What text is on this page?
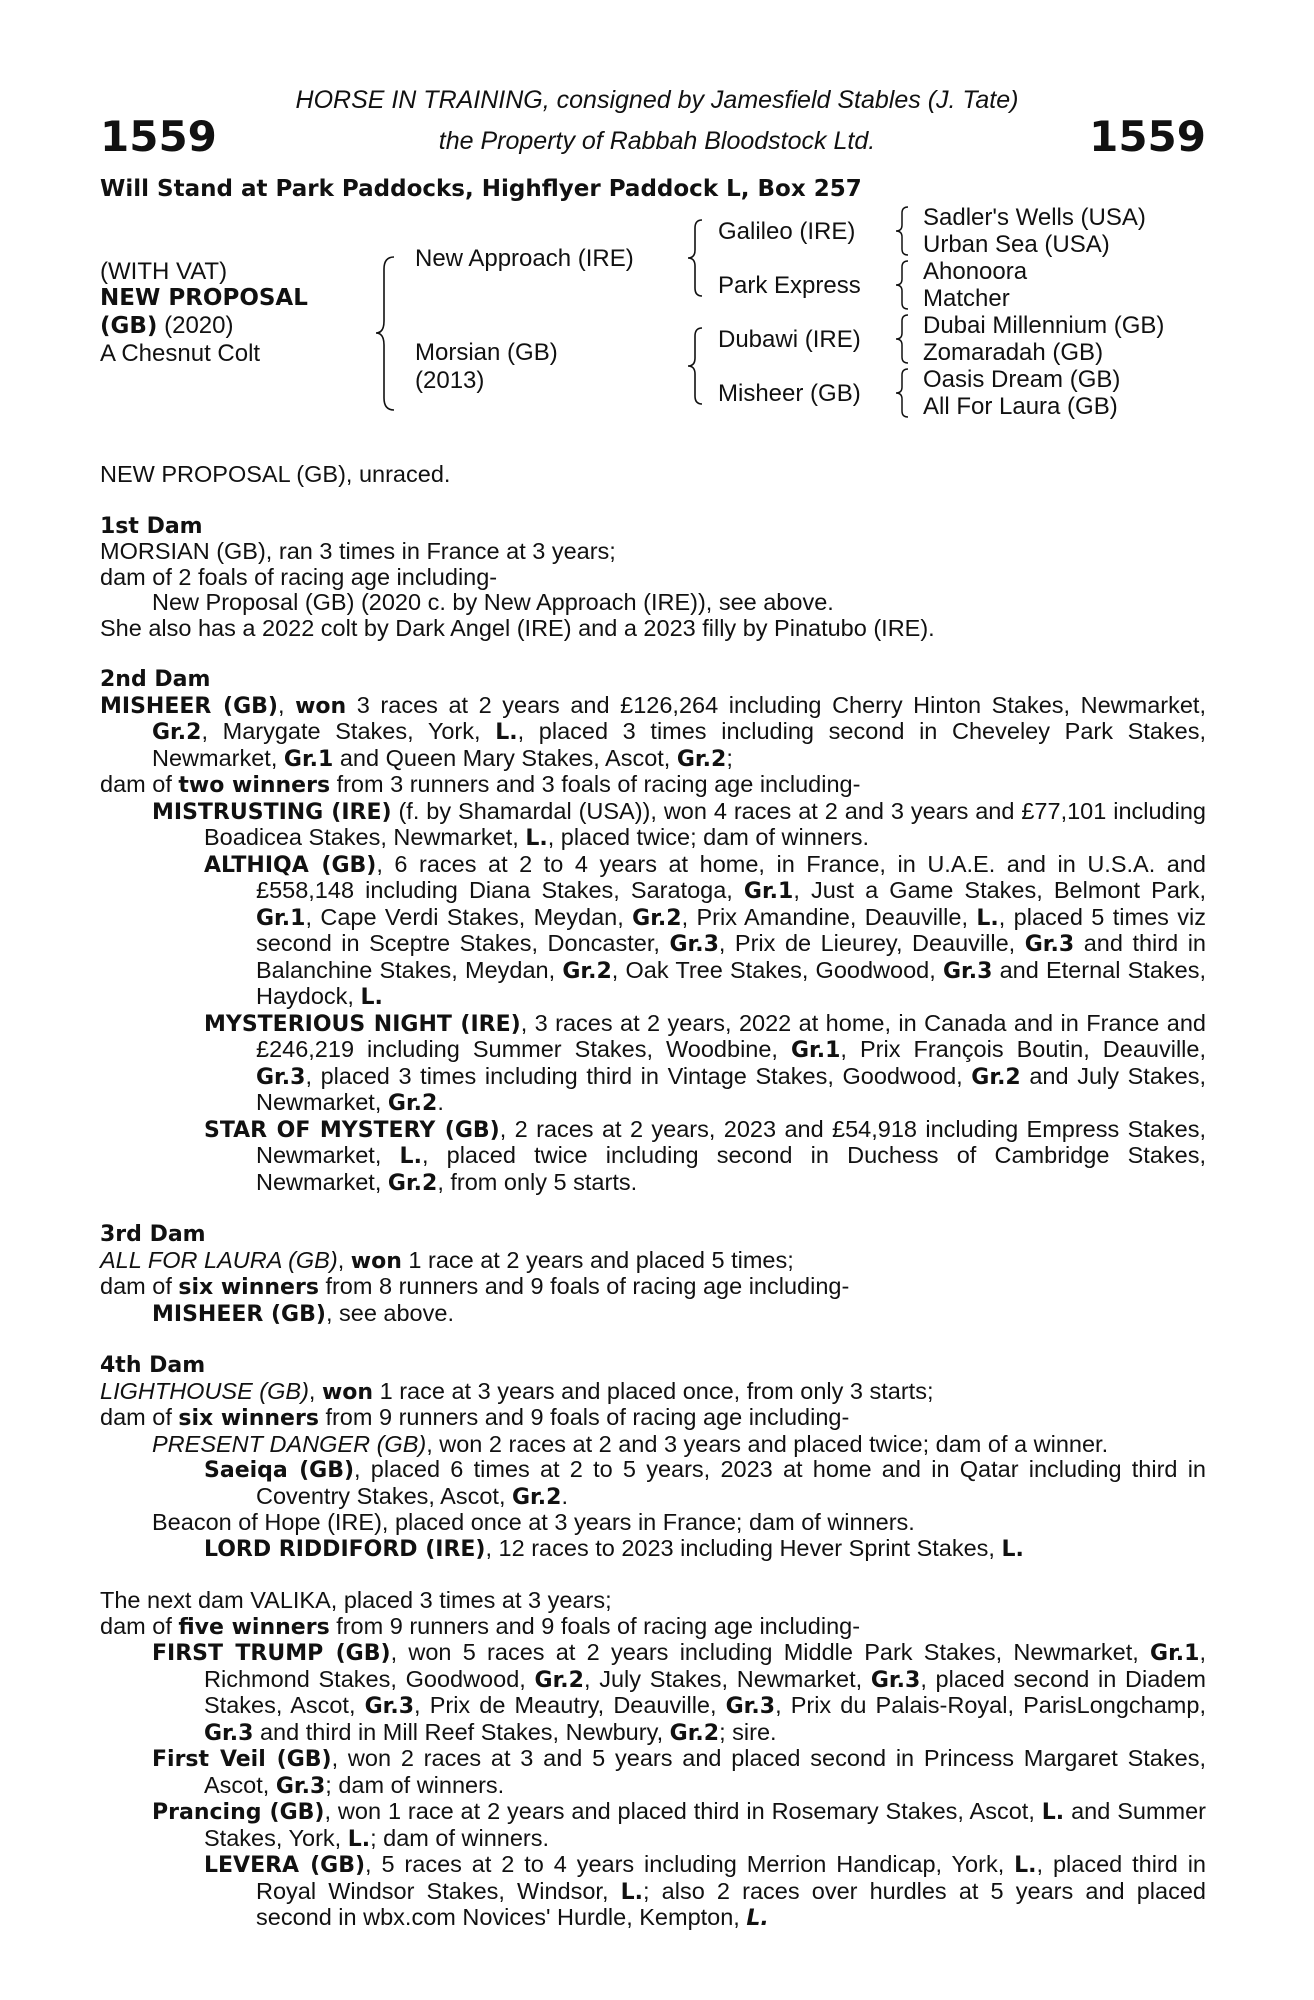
1559	1559
HORSE IN TRAINING, consigned by Jamesfield Stables (J. Tate)
the Property of Rabbah Bloodstock Ltd.
Will Stand at Park Paddocks, Highflyer Paddock L, Box 257
(WITH VAT)
NEW PROPOSAL
(GB) (2020)
A Chesnut Colt
New Approach (IRE)
Morsian (GB)
(2013)
Galileo (IRE)
Park Express
Dubawi (IRE)
Misheer (GB)
Sadler's Wells (USA)
Urban Sea (USA)
Ahonoora
Matcher
Dubai Millennium (GB)
Zomaradah (GB)
Oasis Dream (GB)
All For Laura (GB)

NEW PROPOSAL (GB), unraced.

1st Dam

MORSIAN (GB), ran 3 times in France at 3 years;

dam of 2 foals of racing age including-

New Proposal (GB) (2020 c. by New Approach (IRE)), see above.

She also has a 2022 colt by Dark Angel (IRE) and a 2023 filly by Pinatubo (IRE).

2nd Dam

MISHEER (GB), won 3 races at 2 years and £126,264 including Cherry Hinton Stakes, Newmarket, Gr.2, Marygate Stakes, York, L., placed 3 times including second in Cheveley Park Stakes, Newmarket, Gr.1 and Queen Mary Stakes, Ascot, Gr.2;

dam of two winners from 3 runners and 3 foals of racing age including-

MISTRUSTING (IRE) (f. by Shamardal (USA)), won 4 races at 2 and 3 years and £77,101 including Boadicea Stakes, Newmarket, L., placed twice; dam of winners.

ALTHIQA (GB), 6 races at 2 to 4 years at home, in France, in U.A.E. and in U.S.A. and £558,148 including Diana Stakes, Saratoga, Gr.1, Just a Game Stakes, Belmont Park, Gr.1, Cape Verdi Stakes, Meydan, Gr.2, Prix Amandine, Deauville, L., placed 5 times viz second in Sceptre Stakes, Doncaster, Gr.3, Prix de Lieurey, Deauville, Gr.3 and third in Balanchine Stakes, Meydan, Gr.2, Oak Tree Stakes, Goodwood, Gr.3 and Eternal Stakes, Haydock, L.

MYSTERIOUS NIGHT (IRE), 3 races at 2 years, 2022 at home, in Canada and in France and £246,219 including Summer Stakes, Woodbine, Gr.1, Prix François Boutin, Deauville, Gr.3, placed 3 times including third in Vintage Stakes, Goodwood, Gr.2 and July Stakes, Newmarket, Gr.2.

STAR OF MYSTERY (GB), 2 races at 2 years, 2023 and £54,918 including Empress Stakes, Newmarket, L., placed twice including second in Duchess of Cambridge Stakes, Newmarket, Gr.2, from only 5 starts.

3rd Dam

ALL FOR LAURA (GB), won 1 race at 2 years and placed 5 times;

dam of six winners from 8 runners and 9 foals of racing age including-

MISHEER (GB), see above.

4th Dam

LIGHTHOUSE (GB), won 1 race at 3 years and placed once, from only 3 starts;

dam of six winners from 9 runners and 9 foals of racing age including-

PRESENT DANGER (GB), won 2 races at 2 and 3 years and placed twice; dam of a winner.

Saeiqa (GB), placed 6 times at 2 to 5 years, 2023 at home and in Qatar including third in Coventry Stakes, Ascot, Gr.2.

Beacon of Hope (IRE), placed once at 3 years in France; dam of winners.

LORD RIDDIFORD (IRE), 12 races to 2023 including Hever Sprint Stakes, L.

The next dam VALIKA, placed 3 times at 3 years;

dam of five winners from 9 runners and 9 foals of racing age including-

FIRST TRUMP (GB), won 5 races at 2 years including Middle Park Stakes, Newmarket, Gr.1, Richmond Stakes, Goodwood, Gr.2, July Stakes, Newmarket, Gr.3, placed second in Diadem Stakes, Ascot, Gr.3, Prix de Meautry, Deauville, Gr.3, Prix du Palais-Royal, ParisLongchamp, Gr.3 and third in Mill Reef Stakes, Newbury, Gr.2; sire.

First Veil (GB), won 2 races at 3 and 5 years and placed second in Princess Margaret Stakes, Ascot, Gr.3; dam of winners.

Prancing (GB), won 1 race at 2 years and placed third in Rosemary Stakes, Ascot, L. and Summer Stakes, York, L.; dam of winners.

LEVERA (GB), 5 races at 2 to 4 years including Merrion Handicap, York, L., placed third in Royal Windsor Stakes, Windsor, L.; also 2 races over hurdles at 5 years and placed second in wbx.com Novices' Hurdle, Kempton, L.
